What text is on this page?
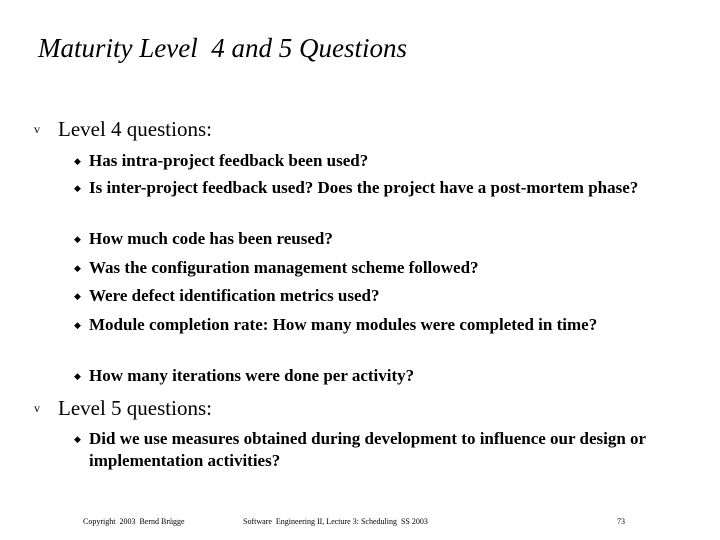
Maturity Level  4 and 5 Questions
v Level 4 questions:
◆ Has intra-project feedback been used?
◆ Is inter-project feedback used? Does the project have a post-mortem phase?
◆ How much code has been reused?
◆ Was the configuration management scheme followed?
◆ Were defect identification metrics used?
◆ Module completion rate: How many modules were completed in time?
◆ How many iterations were done per activity?
v Level 5 questions:
◆ Did we use measures obtained during development to influence our design or implementation activities?
Copyright  2003  Bernd Brügge	Software  Engineering II, Lecture 3: Scheduling  SS 2003	73
